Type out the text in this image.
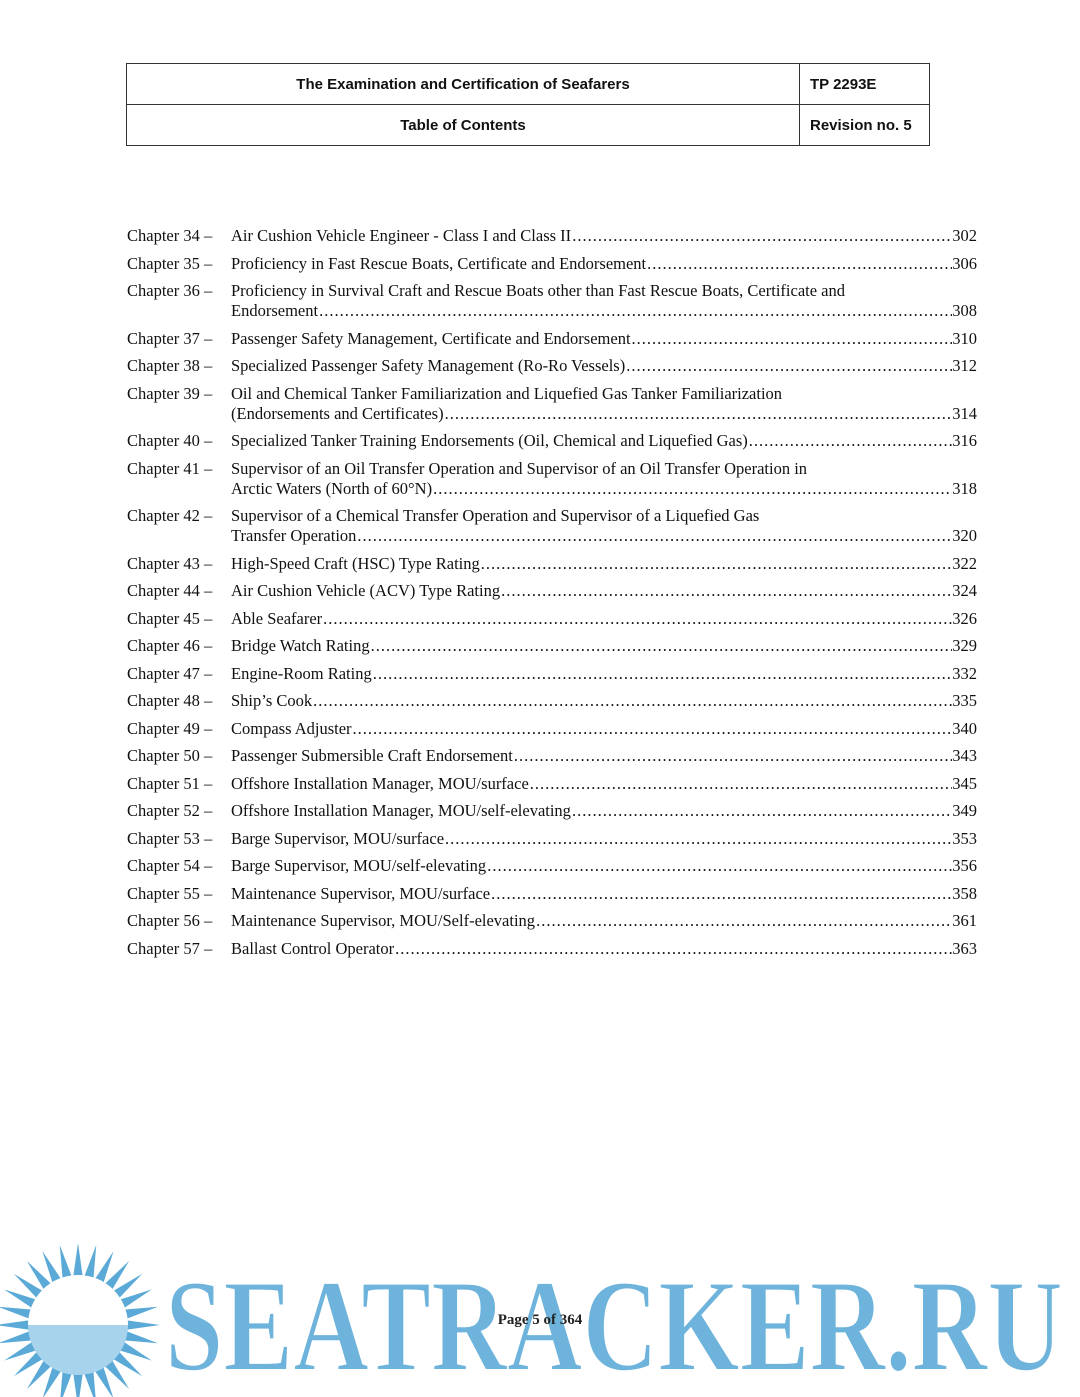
The Examination and Certification of Seafarers	TP 2293E
Table of Contents	Revision no. 5
Chapter 34 –	Air Cushion Vehicle Engineer - Class I and Class II .....	302
Chapter 35 –	Proficiency in Fast Rescue Boats, Certificate and Endorsement .....	306
Chapter 36 –	Proficiency in Survival Craft and Rescue Boats other than Fast Rescue Boats, Certificate and
Endorsement .....	308
Chapter 37 –	Passenger Safety Management, Certificate and Endorsement .....	310
Chapter 38 –	Specialized Passenger Safety Management (Ro-Ro Vessels) .....	312
Chapter 39 –	Oil and Chemical Tanker Familiarization and Liquefied Gas Tanker Familiarization
(Endorsements and Certificates) .....	314
Chapter 40 –	Specialized Tanker Training Endorsements (Oil, Chemical and Liquefied Gas) .....	316
Chapter 41 –	Supervisor of an Oil Transfer Operation and Supervisor of an Oil Transfer Operation in
Arctic Waters (North of 60°N) .....	318
Chapter 42 –	Supervisor of a Chemical Transfer Operation and Supervisor of a Liquefied Gas
Transfer Operation .....	320
Chapter 43 –	High-Speed Craft (HSC) Type Rating .....	322
Chapter 44 –	Air Cushion Vehicle (ACV) Type Rating .....	324
Chapter 45 –	Able Seafarer .....	326
Chapter 46 –	Bridge Watch Rating .....	329
Chapter 47 –	Engine-Room Rating .....	332
Chapter 48 –	Ship’s Cook .....	335
Chapter 49 –	Compass Adjuster .....	340
Chapter 50 –	Passenger Submersible Craft Endorsement .....	343
Chapter 51 –	Offshore Installation Manager, MOU/surface .....	345
Chapter 52 –	Offshore Installation Manager, MOU/self-elevating .....	349
Chapter 53 –	Barge Supervisor, MOU/surface .....	353
Chapter 54 –	Barge Supervisor, MOU/self-elevating .....	356
Chapter 55 –	Maintenance Supervisor, MOU/surface .....	358
Chapter 56 –	Maintenance Supervisor, MOU/Self-elevating .....	361
Chapter 57 –	Ballast Control Operator .....	363
SEATRACKER.RU
Page 5 of 364
